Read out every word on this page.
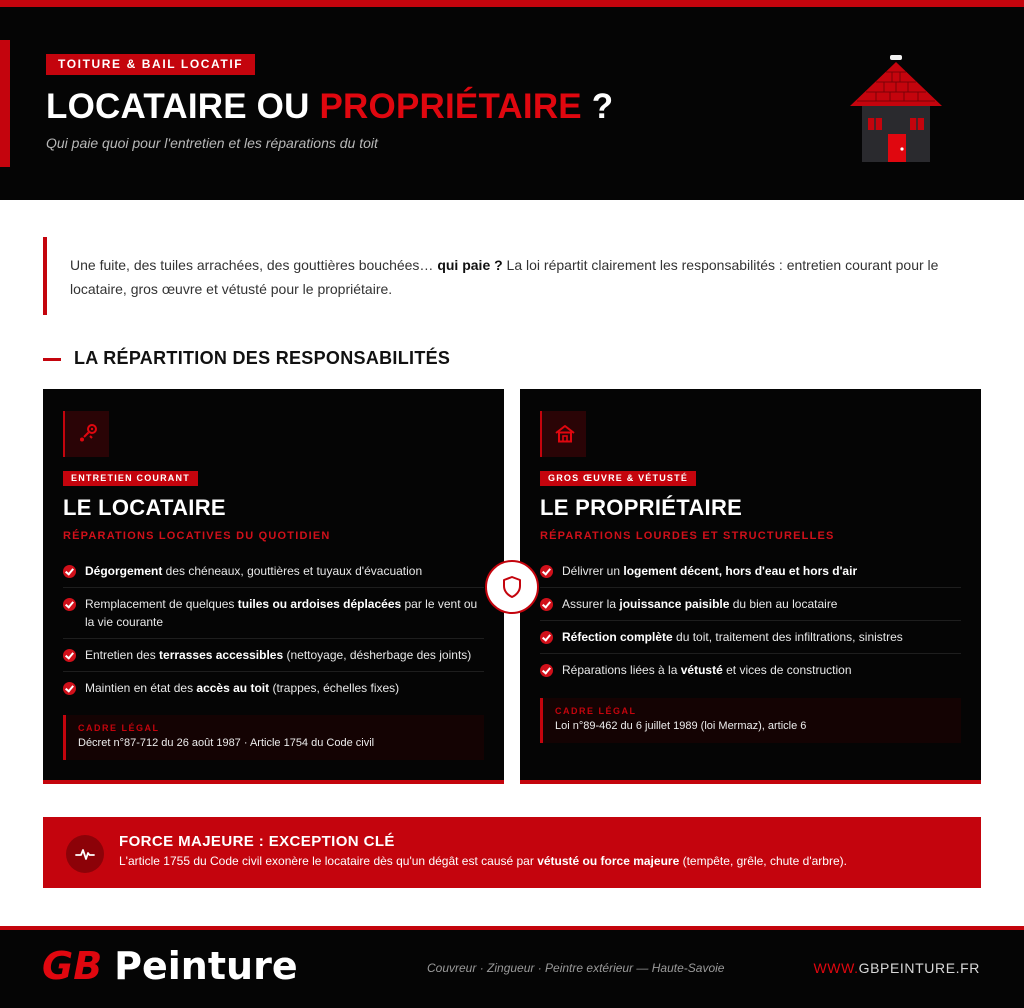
TOITURE & BAIL LOCATIF
LOCATAIRE OU PROPRIÉTAIRE ?
Qui paie quoi pour l'entretien et les réparations du toit

Une fuite, des tuiles arrachées, des gouttières bouchées… qui paie ? La loi répartit clairement les responsabilités : entretien courant pour le locataire, gros œuvre et vétusté pour le propriétaire.

LA RÉPARTITION DES RESPONSABILITÉS
ENTRETIEN COURANT
LE LOCATAIRE
RÉPARATIONS LOCATIVES DU QUOTIDIEN
Dégorgement des chéneaux, gouttières et tuyaux d'évacuation
Remplacement de quelques tuiles ou ardoises déplacées par le vent ou la vie courante
Entretien des terrasses accessibles (nettoyage, désherbage des joints)
Maintien en état des accès au toit (trappes, échelles fixes)
CADRE LÉGAL
Décret n°87-712 du 26 août 1987 · Article 1754 du Code civil
GROS ŒUVRE & VÉTUSTÉ
LE PROPRIÉTAIRE
RÉPARATIONS LOURDES ET STRUCTURELLES
Délivrer un logement décent, hors d'eau et hors d'air
Assurer la jouissance paisible du bien au locataire
Réfection complète du toit, traitement des infiltrations, sinistres
Réparations liées à la vétusté et vices de construction
CADRE LÉGAL
Loi n°89-462 du 6 juillet 1989 (loi Mermaz), article 6
FORCE MAJEURE : EXCEPTION CLÉ
L'article 1755 du Code civil exonère le locataire dès qu'un dégât est causé par vétusté ou force majeure (tempête, grêle, chute d'arbre).
GB Peinture	Couvreur · Zingueur · Peintre extérieur — Haute-Savoie	WWW.GBPEINTURE.FR
